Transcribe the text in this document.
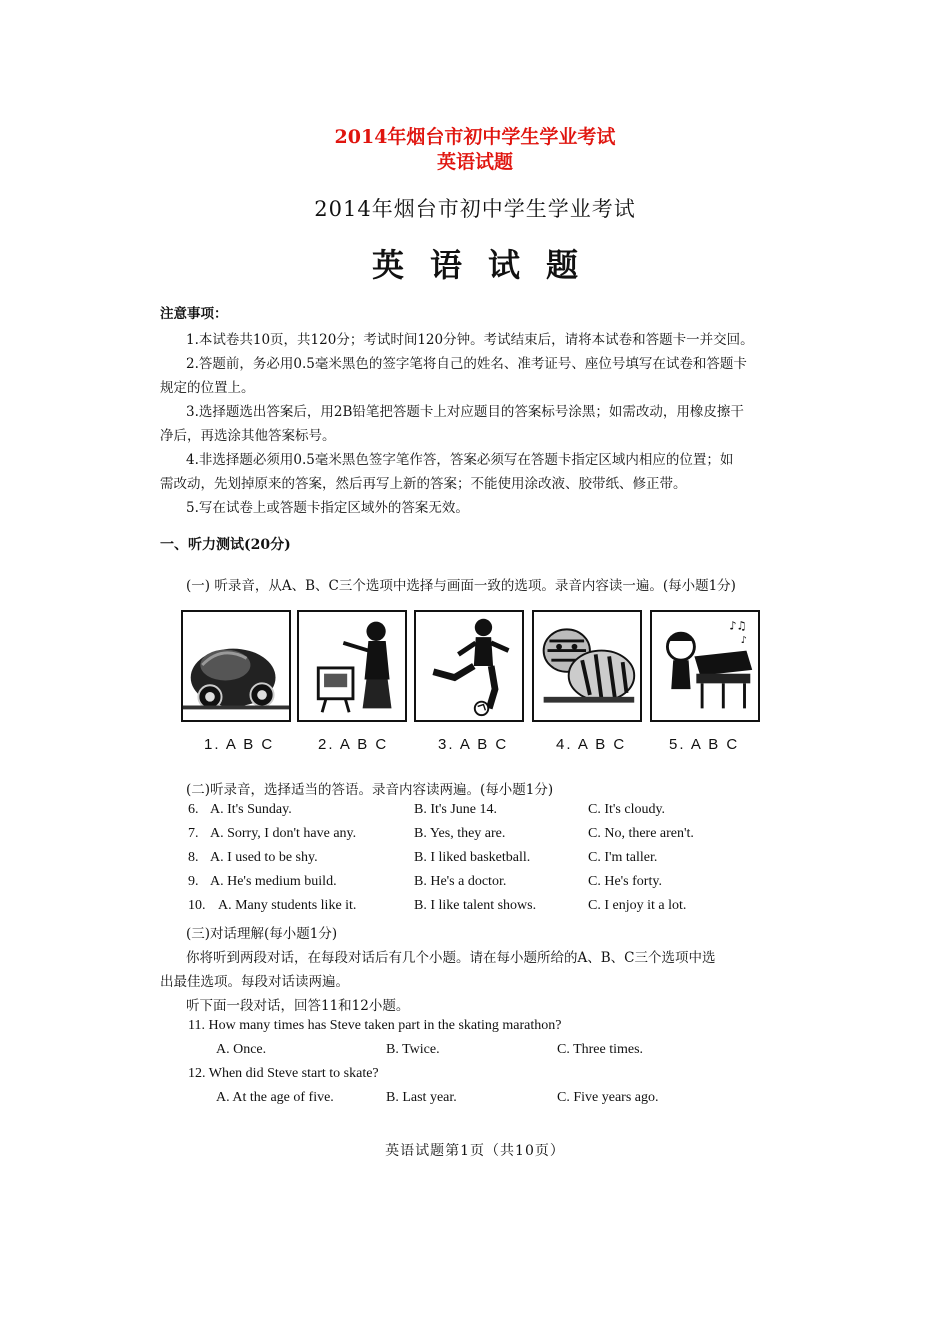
2014年烟台市初中学生学业考试
英语试题
2014年烟台市初中学生学业考试
英语试题
注意事项：
1.本试卷共10页，共120分；考试时间120分钟。考试结束后，请将本试卷和答题卡一并交回。
2.答题前，务必用0.5毫米黑色的签字笔将自己的姓名、准考证号、座位号填写在试卷和答题卡
规定的位置上。
3.选择题选出答案后，用2B铅笔把答题卡上对应题目的答案标号涂黑；如需改动，用橡皮擦干
净后，再选涂其他答案标号。
4.非选择题必须用0.5毫米黑色签字笔作答，答案必须写在答题卡指定区域内相应的位置；如
需改动，先划掉原来的答案，然后再写上新的答案；不能使用涂改液、胶带纸、修正带。
5.写在试卷上或答题卡指定区域外的答案无效。
一、听力测试(20分)
(一) 听录音，从A、B、C三个选项中选择与画面一致的选项。录音内容读一遍。(每小题1分)
♪♫
♪
1. A B C	2. A B C	3. A B C	4. A B C	5. A B C
(二)听录音，选择适当的答语。录音内容读两遍。(每小题1分)
6. A. It's Sunday.	B. It's June 14.	C. It's cloudy.
7. A. Sorry, I don't have any.	B. Yes, they are.	C. No, there aren't.
8. A. I used to be shy.	B. I liked basketball.	C. I'm taller.
9. A. He's medium build.	B. He's a doctor.	C. He's forty.
10. A. Many students like it.	B. I like talent shows.	C. I enjoy it a lot.
(三)对话理解(每小题1分)
你将听到两段对话，在每段对话后有几个小题。请在每小题所给的A、B、C三个选项中选
出最佳选项。每段对话读两遍。
听下面一段对话，回答11和12小题。
11. How many times has Steve taken part in the skating marathon?
A. Once.	B. Twice.	C. Three times.
12. When did Steve start to skate?
A. At the age of five.	B. Last year.	C. Five years ago.
英语试题第1页（共10页）
